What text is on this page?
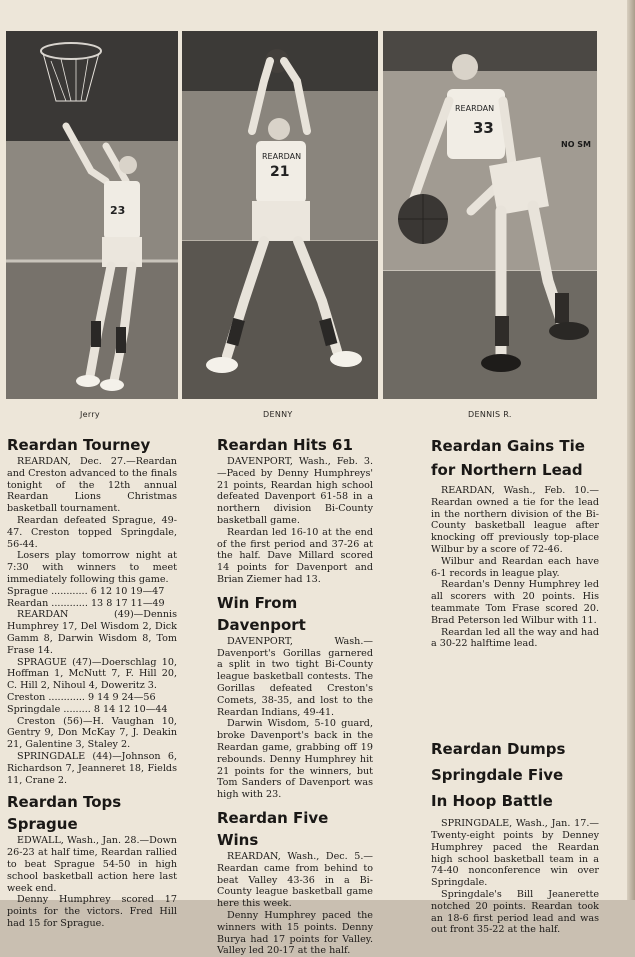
23
REARDAN
21
NO SM
REARDAN
33
Jerry	DENNY	DENNIS R.
Reardan Tourney

REARDAN, Dec. 27.—Reardan and Creston advanced to the finals tonight of the 12th annual Reardan Lions Christmas basketball tournament.

Reardan defeated Sprague, 49-47. Creston topped Springdale, 56-44.

Losers play tomorrow night at 7:30 with winners to meet immediately following this game.

Sprague ............ 6 12 10 19—47

Reardan ............ 13 8 17 11—49

REARDAN (49)—Dennis Humphrey 17, Del Wisdom 2, Dick Gamm 8, Darwin Wisdom 8, Tom Frase 14.

SPRAGUE (47)—Doerschlag 10, Hoffman 1, McNutt 7, F. Hill 20, C. Hill 2, Nihoul 4, Doweritz 3.

Creston ............ 9 14 9 24—56

Springdale ......... 8 14 12 10—44

Creston (56)—H. Vaughan 10, Gentry 9, Don McKay 7, J. Deakin 21, Galentine 3, Staley 2.

SPRINGDALE (44)—Johnson 6, Richardson 7, Jeanneret 18, Fields 11, Crane 2.

Reardan Tops Sprague

EDWALL, Wash., Jan. 28.—Down 26-23 at half time, Reardan rallied to beat Sprague 54-50 in high school basketball action here last week end.

Denny Humphrey scored 17 points for the victors. Fred Hill had 15 for Sprague.

Reardan Hits 61

DAVENPORT, Wash., Feb. 3.—Paced by Denny Humphreys' 21 points, Reardan high school defeated Davenport 61-58 in a northern division Bi-County basketball game.

Reardan led 16-10 at the end of the first period and 37-26 at the half. Dave Millard scored 14 points for Davenport and Brian Ziemer had 13.

Win From Davenport

DAVENPORT, Wash.—Davenport's Gorillas garnered a split in two tight Bi-County league basketball contests. The Gorillas defeated Creston's Comets, 38-35, and lost to the Reardan Indians, 49-41.

Darwin Wisdom, 5-10 guard, broke Davenport's back in the Reardan game, grabbing off 19 rebounds. Denny Humphrey hit 21 points for the winners, but Tom Sanders of Davenport was high with 23.

Reardan Five Wins

REARDAN, Wash., Dec. 5.—Reardan came from behind to beat Valley 43-36 in a Bi-County league basketball game here this week.

Denny Humphrey paced the winners with 15 points. Denny Burya had 17 points for Valley. Valley led 20-17 at the half.

Reardan Gains Tie
for Northern Lead

REARDAN, Wash., Feb. 10.—Reardan owned a tie for the lead in the northern division of the Bi-County basketball league after knocking off previously top-place Wilbur by a score of 72-46.

Wilbur and Reardan each have 6-1 records in league play.

Reardan's Denny Humphrey led all scorers with 20 points. His teammate Tom Frase scored 20. Brad Peterson led Wilbur with 11.

Reardan led all the way and had a 30-22 halftime lead.

Reardan Dumps
Springdale Five
In Hoop Battle

SPRINGDALE, Wash., Jan. 17.—Twenty-eight points by Denney Humphrey paced the Reardan high school basketball team in a 74-40 nonconference win over Springdale.

Springdale's Bill Jeanerette notched 20 points. Reardan took an 18-6 first period lead and was out front 35-22 at the half.
